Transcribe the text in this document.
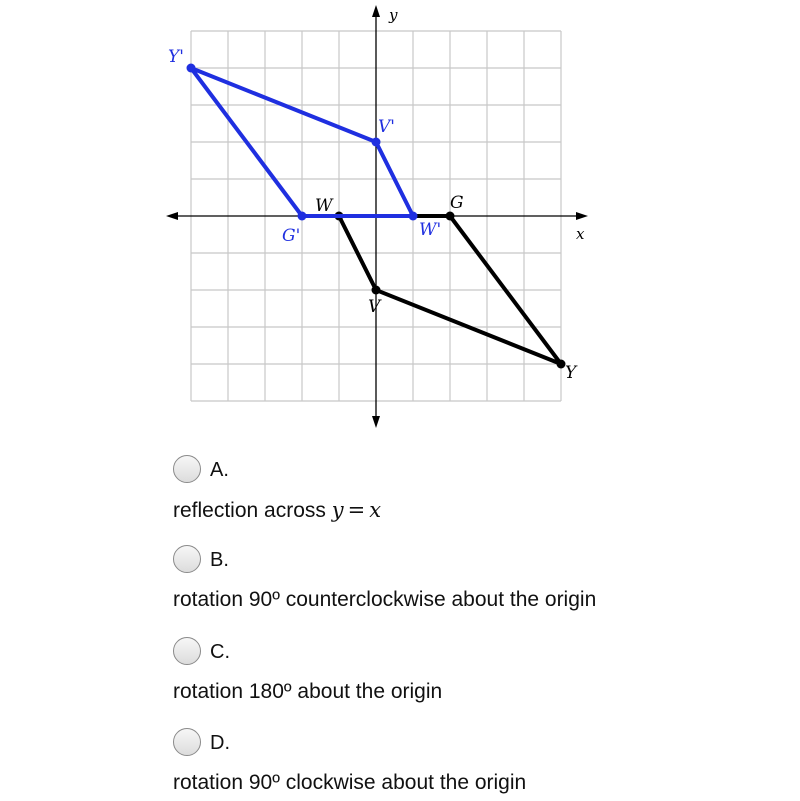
x
y
W
V
Y
G
W'
V'
Y'
G'
A.
reflection across y = x
B.
rotation 90º counterclockwise about the origin
C.
rotation 180º about the origin
D.
rotation 90º clockwise about the origin
